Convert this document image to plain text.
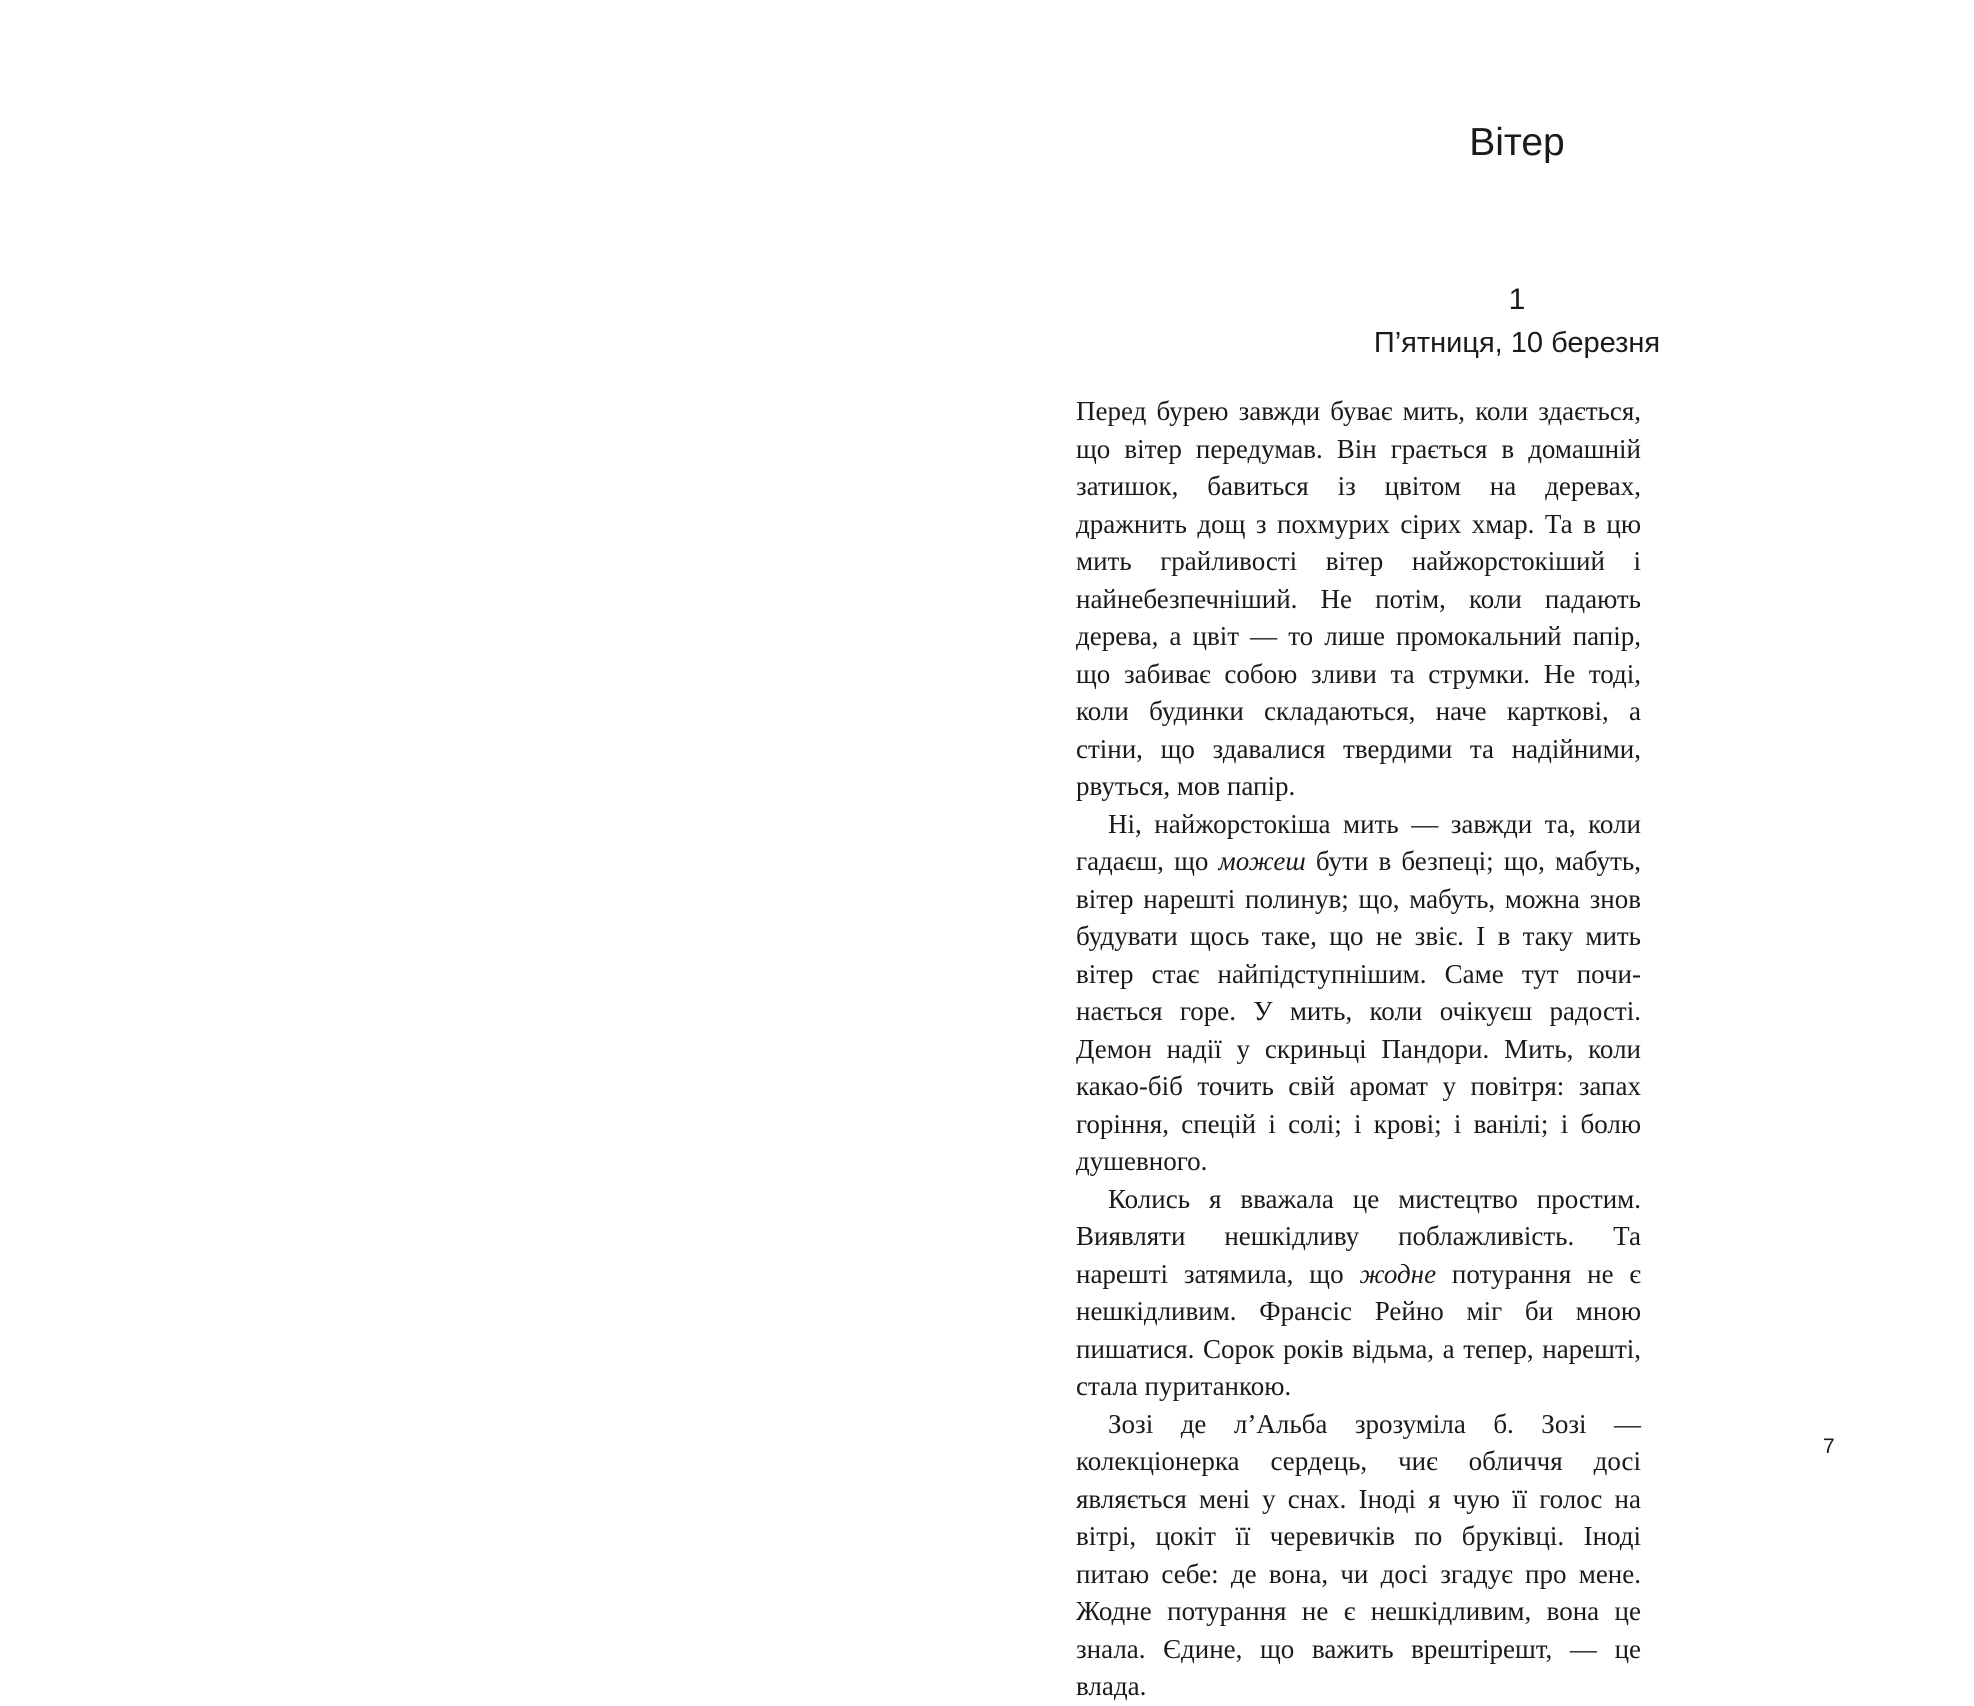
Вітер
1
П’ятниця, 10 березня

Перед бурею завжди буває мить, коли здається, що вітер передумав. Він грається в домашній затишок, бавиться із цвітом на деревах, дражнить дощ з похмурих сірих хмар. Та в цю мить грайливості вітер найжорстокіший і найнебезпечніший. Не потім, коли падають дерева, а цвіт — то лише промокальний папір, що забиває собою зливи та струмки. Не тоді, коли будинки складаються, наче карткові, а стіни, що здавалися твердими та надійними, рвуться, мов папір.

Ні, найжорстокіша мить — завжди та, коли гадаєш, що можеш бути в безпеці; що, мабуть, вітер нарешті полинув; що, мабуть, можна знов будувати щось таке, що не звіє. І в таку мить вітер стає найпідступнішим. Саме тут починається горе. У мить, коли очікуєш радості. Демон надії у скриньці Пандори. Мить, коли какао-біб точить свій аромат у повітря: запах горіння, спецій і солі; і крові; і ванілі; і болю душевного.

Колись я вважала це мистецтво простим. Виявляти нешкідливу поблажливість. Та нарешті затямила, що жодне потурання не є нешкідливим. Франсіс Рейно міг би мною пишатися. Сорок років відьма, а тепер, нарешті, стала пуританкою.

Зозі де л’Альба зрозуміла б. Зозі — колекціонерка сердець, чиє обличчя досі являється мені у снах. Іноді я чую її голос на вітрі, цокіт її черевичків по бруківці. Іноді питаю себе: де вона, чи досі згадує про мене. Жодне потурання не є нешкідливим, вона це знала. Єдине, що важить врештірешт, — це влада.

7
